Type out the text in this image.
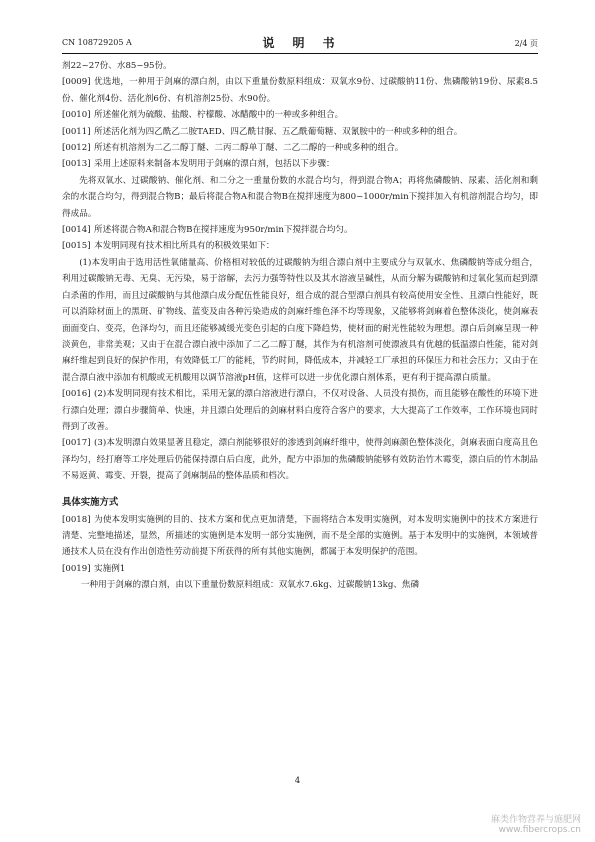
CN 108729205 A	说　明　书	2/4 页
剂22~27份、水85~95份。
[0009] 优选地，一种用于剑麻的漂白剂，由以下重量份数原料组成：双氧水9份、过碳酸钠11份、焦磷酸钠19份、尿素8.5份、催化剂4份、活化剂6份、有机溶剂25份、水90份。
[0010] 所述催化剂为硫酸、盐酸、柠檬酸、冰醋酸中的一种或多种组合。
[0011] 所述活化剂为四乙酰乙二胺TAED、四乙酰甘脲、五乙酰葡萄糖、双氰胺中的一种或多种的组合。
[0012] 所述有机溶剂为二乙二醇丁醚、二丙二醇单丁醚、二乙二醇的一种或多种的组合。
[0013] 采用上述原料来制备本发明用于剑麻的漂白剂，包括以下步骤：
先将双氧水、过碳酸钠、催化剂、和二分之一重量份数的水混合均匀，得到混合物A；再将焦磷酸钠、尿素、活化剂和剩余的水混合均匀，得到混合物B；最后将混合物A和混合物B在搅拌速度为800~1000r/min下搅拌加入有机溶剂混合均匀，即得成品。
[0014] 所述将混合物A和混合物B在搅拌速度为950r/min下搅拌混合均匀。
[0015] 本发明同现有技术相比所具有的积极效果如下：
(1)本发明由于选用活性氧储量高、价格相对较低的过碳酸钠为组合漂白剂中主要成分与双氧水、焦磷酸钠等成分组合，利用过碳酸钠无毒、无臭、无污染，易于溶解，去污力强等特性以及其水溶液呈碱性，从而分解为碳酸钠和过氧化氢而起到漂白杀菌的作用，而且过碳酸钠与其他漂白成分配伍性能良好，组合成的混合型漂白剂具有较高使用安全性、且漂白性能好，既可以消除材面上的黑斑、矿物线、蓝变及由各种污染造成的剑麻纤维色泽不均等现象，又能够将剑麻着色整体淡化，使剑麻表面面变白、变亮，色泽均匀，而且还能够减缓光变色引起的白度下降趋势，使材面的耐光性能较为理想。漂白后剑麻呈现一种淡黄色，非常美观；又由于在混合漂白液中添加了二乙二醇丁醚，其作为有机溶剂可使漂液具有优越的低温漂白性能，能对剑麻纤维起到良好的保护作用，有效降低工厂的能耗，节约时间，降低成本，并减轻工厂承担的环保压力和社会压力；又由于在混合漂白液中添加有机酸或无机酸用以调节溶液pH值，这样可以进一步优化漂白剂体系，更有利于提高漂白质量。
[0016] (2)本发明同现有技术相比，采用无氯的漂白溶液进行漂白，不仅对设备、人员没有损伤，而且能够在酸性的环境下进行漂白处理；漂白步骤简单、快速，并且漂白处理后的剑麻材料白度符合客户的要求，大大提高了工作效率，工作环境也同时得到了改善。
[0017] (3)本发明漂白效果显著且稳定，漂白剂能够很好的渗透到剑麻纤维中，使得剑麻颜色整体淡化，剑麻表面白度高且色泽均匀，经打磨等工序处理后仍能保持漂白后白度，此外，配方中添加的焦磷酸钠能够有效防治竹木霉变，漂白后的竹木制品不易返黄、霉变、开裂，提高了剑麻制品的整体品质和档次。
具体实施方式
[0018] 为使本发明实施例的目的、技术方案和优点更加清楚，下面将结合本发明实施例，对本发明实施例中的技术方案进行清楚、完整地描述，显然，所描述的实施例是本发明一部分实施例，而不是全部的实施例。基于本发明中的实施例，本领域普通技术人员在没有作出创造性劳动前提下所获得的所有其他实施例，都属于本发明保护的范围。
[0019] 实施例1
一种用于剑麻的漂白剂，由以下重量份数原料组成：双氧水7.6kg、过碳酸钠13kg、焦磷
4
麻类作物营养与施肥网
www.fibercrops.cn
